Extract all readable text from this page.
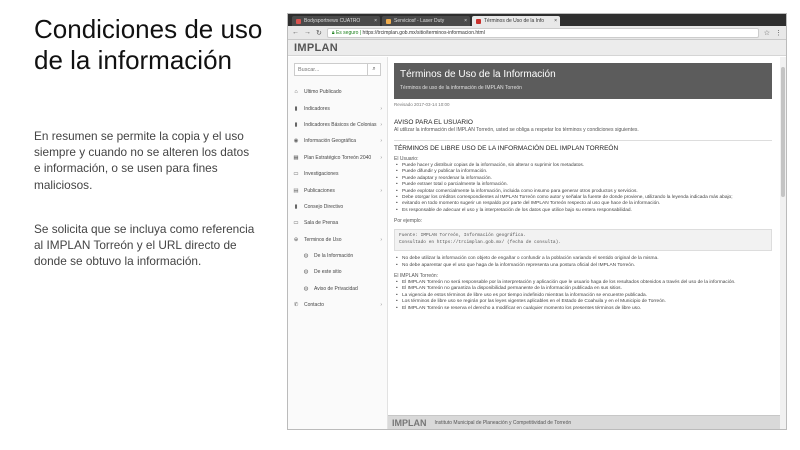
Condiciones de uso de la información
En resumen se permite la copia y el uso siempre y cuando no se alteren los datos e información, o se usen para fines maliciosos.
Se solicita que se incluya como referencia al IMPLAN Torreón y el URL directo de donde se obtuvo la información.
Bodysportnews CUATRO	×	Serviciosf - Laser Duty	×	Términos de Uso de la Info	×
← → ↻	🔒︎ Es seguro | https://trcimplan.gob.mx/sitio/terminos-informacion.html	☆ ⋮
IMPLAN
Buscar...
⌕
⌂	Último Publicado
▮	Indicadores	›
▮	Indicadores Básicos de Colonias ›
◉	Información Geográfica	›
▦ Plan Estratégico Torreón 2040	›
▭ Investigaciones
▤ Publicaciones	›
▮	Consejo Directivo
▭ Sala de Prensa
⊕	Terminos de Uso	›
◍	De la Información
◍	De este sitio
◍	Aviso de Privacidad
✆	Contacto	›
Términos de Uso de la Información

Términos de uso de la información de IMPLAN Torreón

Revisado 2017-03-14 10:00
AVISO PARA EL USUARIO
Al utilizar la información del IMPLAN Torreón, usted se obliga a respetar los términos y condiciones siguientes.
TÉRMINOS DE LIBRE USO DE LA INFORMACIÓN DEL IMPLAN TORREÓN
El Usuario:
• Puede hacer y distribuir copias de la información, sin alterar o suprimir los metadatos.
• Puede difundir y publicar la información.
• Puede adaptar y reordenar la información.
• Puede extraer total o parcialmente la información.
• Puede explotar comercialmente la información, incluida como insumo para generar otros productos y servicios.
• Debe otorgar los créditos correspondientes al IMPLAN Torreón como autor y señalar la fuente de donde proviene, utilizando la leyenda indicada más abajo;
• evitando en todo momento sugerir un respaldo por parte del IMPLAN Torreón respecto al uso que hace de la información.
• Es responsable de adecuar el uso y la interpretación de los datos que utilice bajo su entera responsabilidad.
Por ejemplo:
Fuente: IMPLAN Torreón, Información geográfica.
Consultado en https://trcimplan.gob.mx/ (fecha de consulta).
• No debe utilizar la información con objeto de engañar o confundir a la población variando el sentido original de la misma.
• No debe aparentar que el uso que haga de la información representa una postura oficial del IMPLAN Torreón.
El IMPLAN Torreón:
• El IMPLAN Torreón no será responsable por la interpretación y aplicación que le usuario haga de los resultados obtenidos a través del uso de la información.
• El IMPLAN Torreón no garantiza la disponibilidad permanente de la información publicada en sus sitios.
• La vigencia de estos términos de libre uso es por tiempo indefinido mientras la información se encuentre publicada.
• Los términos de libre uso se regirán por las leyes vigentes aplicables en el Estado de Coahuila y en el Municipio de Torreón.
• El IMPLAN Torreón se reserva el derecho a modificar en cualquier momento los presentes términos de libre uso.
IMPLAN Instituto Municipal de Planeación y Competitividad de Torreón
